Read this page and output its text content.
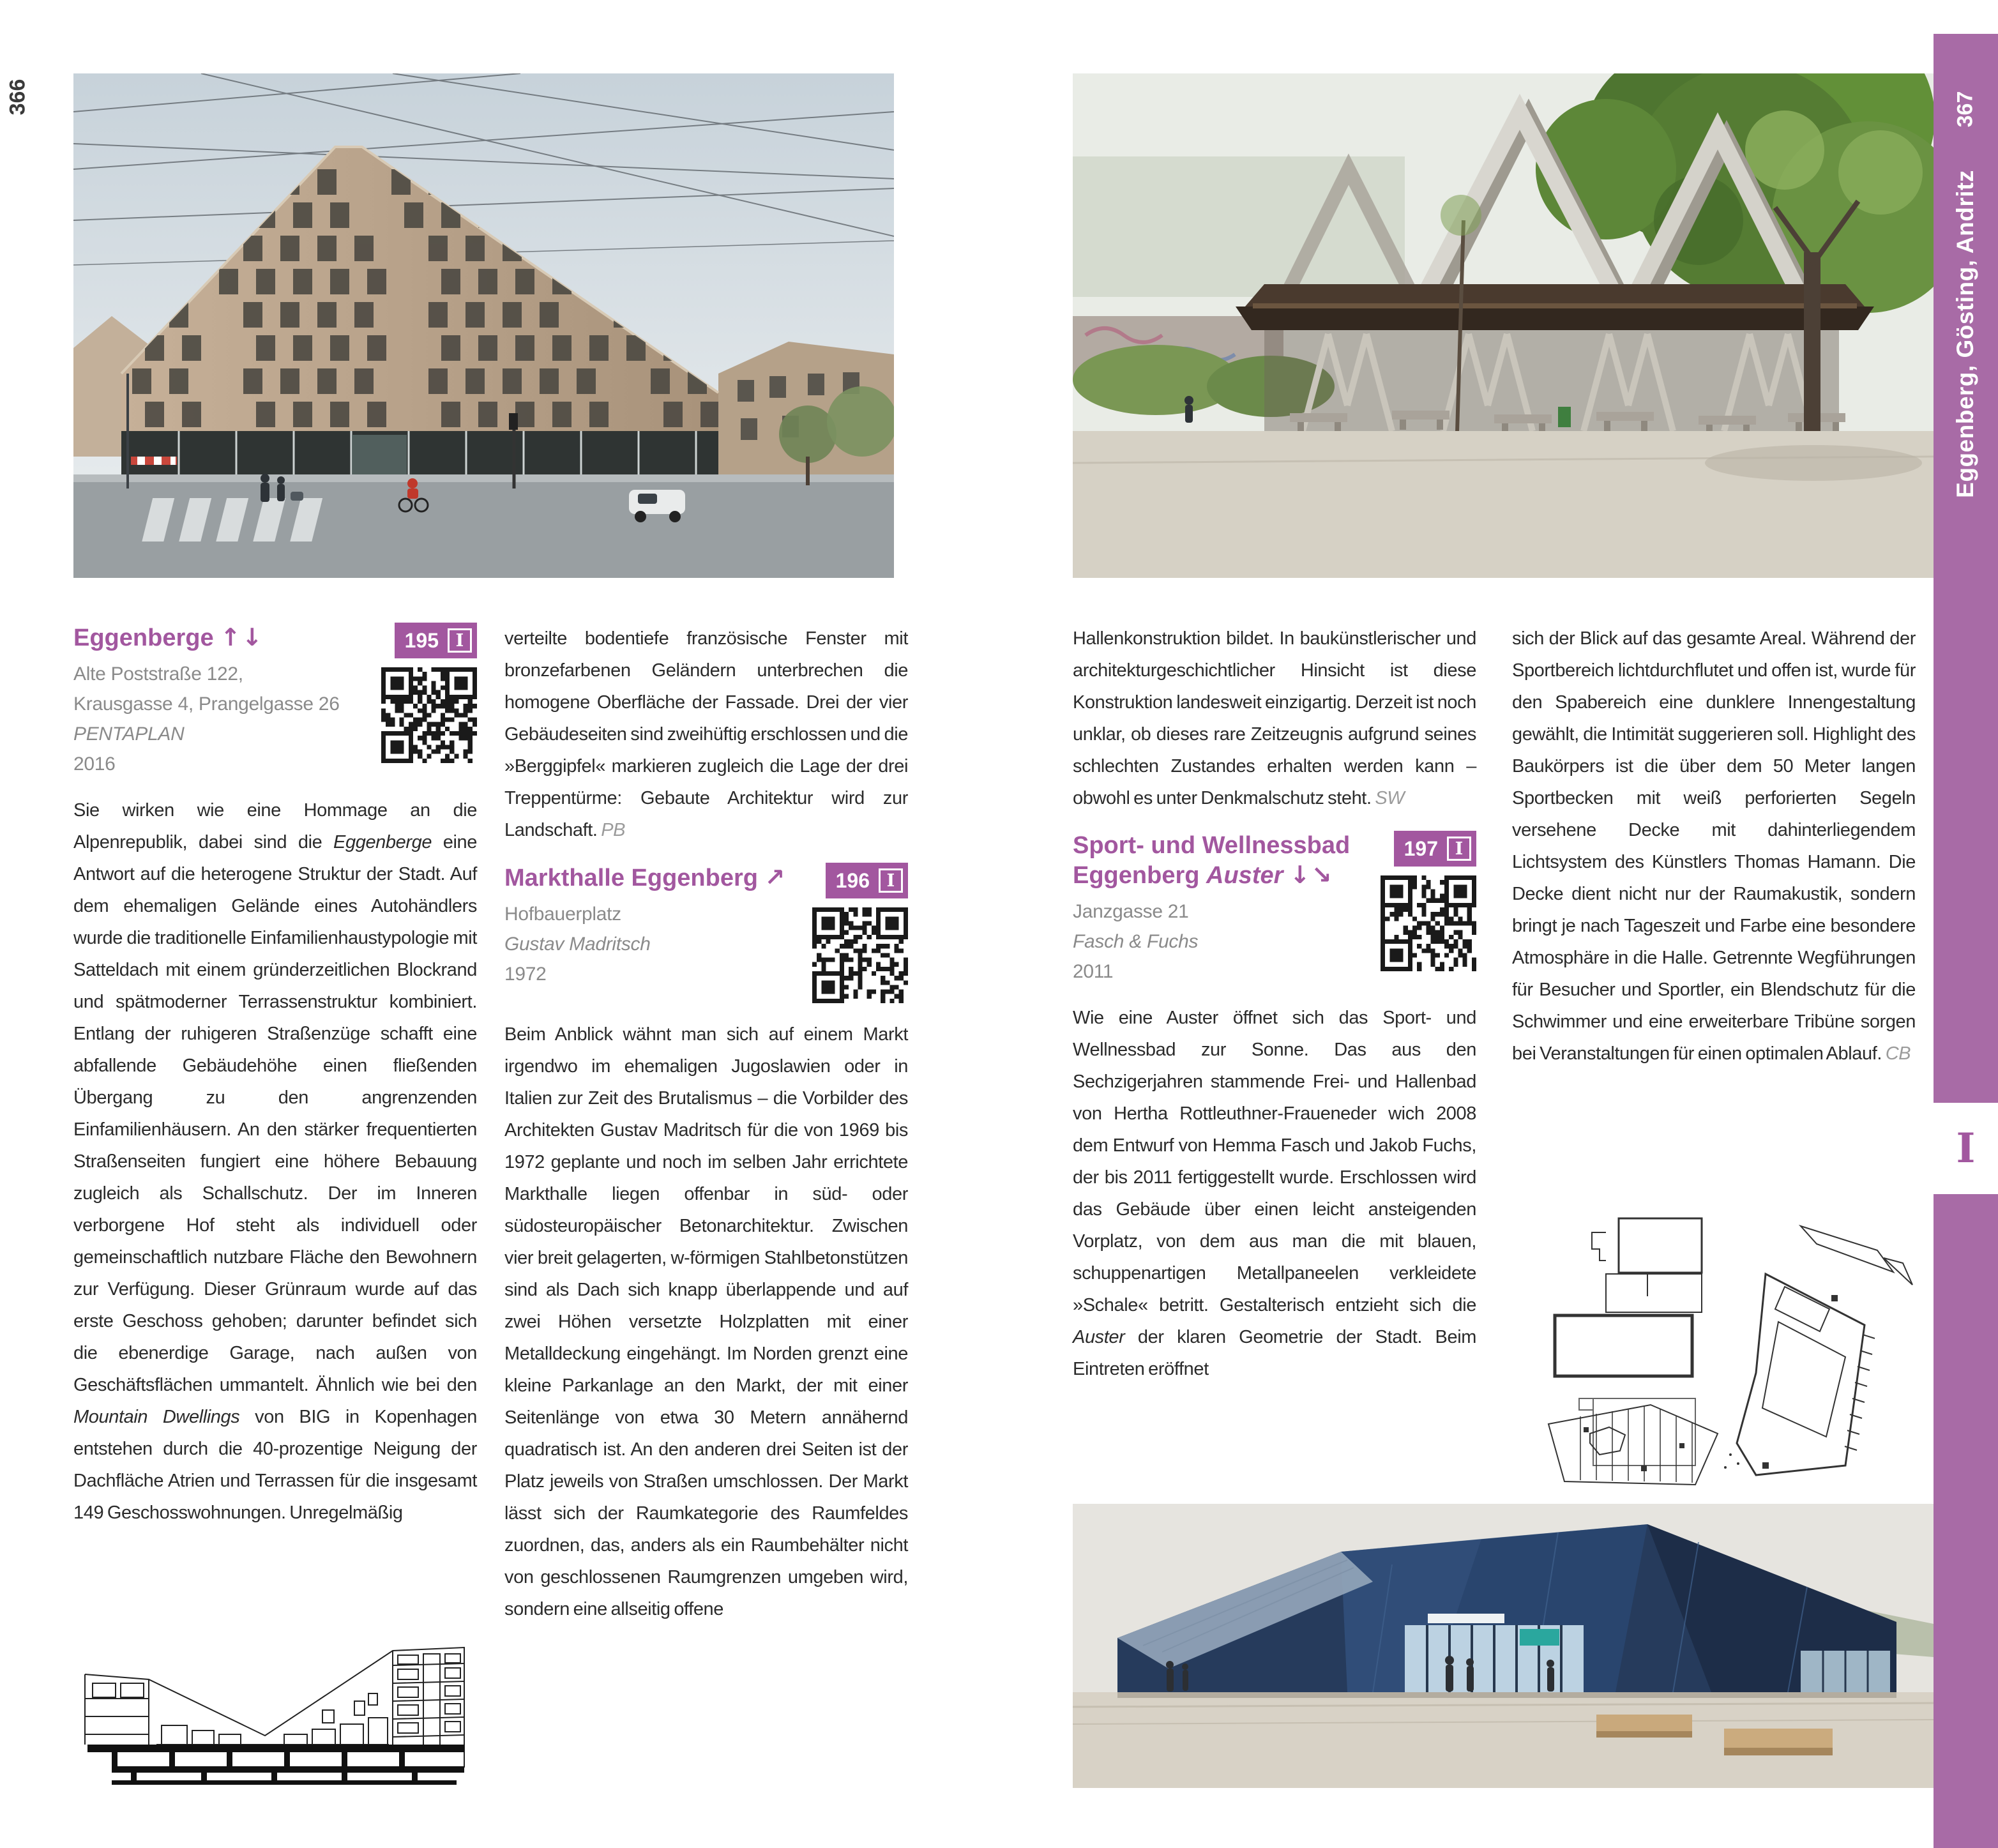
366
Eggenberge ↑↓
Alte Poststraße 122,
Krausgasse 4, Prangelgasse 26
PENTAPLAN
2016
195 I

Sie wirken wie eine Hommage an die Alpenrepublik, dabei sind die Eggenberge eine Antwort auf die heterogene Struktur der Stadt. Auf dem ehemaligen Gelände eines Autohändlers wurde die traditionelle Einfamilienhaustypologie mit Satteldach mit einem gründerzeitlichen Blockrand und spätmoderner Terrassenstruktur kombiniert. Entlang der ruhigeren Straßenzüge schafft eine abfallende Gebäudehöhe einen fließenden Übergang zu den angrenzenden Einfamilienhäusern. An den stärker frequentierten Straßenseiten fungiert eine höhere Bebauung zugleich als Schallschutz. Der im Inneren verborgene Hof steht als individuell oder gemeinschaftlich nutzbare Fläche den Bewohnern zur Verfügung. Dieser Grünraum wurde auf das erste Geschoss gehoben; darunter befindet sich die ebenerdige Garage, nach außen von Geschäftsflächen ummantelt. Ähnlich wie bei den Mountain Dwellings von BIG in Kopenhagen entstehen durch die 40-prozentige Neigung der Dachfläche Atrien und Terrassen für die insgesamt 149 Geschosswohnungen. Unregelmäßig

verteilte bodentiefe französische Fenster mit bronzefarbenen Geländern unterbrechen die homogene Oberfläche der Fassade. Drei der vier Gebäudeseiten sind zweihüftig erschlossen und die »Berggipfel« markieren zugleich die Lage der drei Treppentürme: Gebaute Architektur wird zur Landschaft. PB

Markthalle Eggenberg ↗
Hofbauerplatz
Gustav Madritsch
1972
196 I

Beim Anblick wähnt man sich auf einem Markt irgendwo im ehemaligen Jugoslawien oder in Italien zur Zeit des Brutalismus – die Vorbilder des Architekten Gustav Madritsch für die von 1969 bis 1972 geplante und noch im selben Jahr errichtete Markthalle liegen offenbar in süd- oder südosteuropäischer Betonarchitektur. Zwischen vier breit gelagerten, w-förmigen Stahlbetonstützen sind als Dach sich knapp überlappende und auf zwei Höhen versetzte Holzplatten mit einer Metalldeckung eingehängt. Im Norden grenzt eine kleine Parkanlage an den Markt, der mit einer Seitenlänge von etwa 30 Metern annähernd quadratisch ist. An den anderen drei Seiten ist der Platz jeweils von Straßen umschlossen. Der Markt lässt sich der Raumkategorie des Raumfeldes zuordnen, das, anders als ein Raumbehälter nicht von geschlossenen Raumgrenzen umgeben wird, sondern eine allseitig offene

Hallenkonstruktion bildet. In baukünstlerischer und architekturgeschichtlicher Hinsicht ist diese Konstruktion landesweit einzigartig. Derzeit ist noch unklar, ob dieses rare Zeitzeugnis aufgrund seines schlechten Zustandes erhalten werden kann – obwohl es unter Denkmalschutz steht. SW

Sport- und Wellnessbad Eggenberg Auster ↓↘
Janzgasse 21
Fasch & Fuchs
2011
197 I

Wie eine Auster öffnet sich das Sport- und Wellnessbad zur Sonne. Das aus den Sechzigerjahren stammende Frei- und Hallenbad von Hertha Rottleuthner-Fraueneder wich 2008 dem Entwurf von Hemma Fasch und Jakob Fuchs, der bis 2011 fertiggestellt wurde. Erschlossen wird das Gebäude über einen leicht ansteigenden Vorplatz, von dem aus man die mit blauen, schuppenartigen Metallpaneelen verkleidete »Schale« betritt. Gestalterisch entzieht sich die Auster der klaren Geometrie der Stadt. Beim Eintreten eröffnet

sich der Blick auf das gesamte Areal. Während der Sportbereich lichtdurchflutet und offen ist, wurde für den Spabereich eine dunklere Innengestaltung gewählt, die Intimität suggerieren soll. Highlight des Baukörpers ist die über dem 50 Meter langen Sportbecken mit weiß perforierten Segeln versehene Decke mit dahinterliegendem Lichtsystem des Künstlers Thomas Hamann. Die Decke dient nicht nur der Raumakustik, sondern bringt je nach Tageszeit und Farbe eine besondere Atmosphäre in die Halle. Getrennte Wegführungen für Besucher und Sportler, ein Blendschutz für die Schwimmer und eine erweiterbare Tribüne sorgen bei Veranstaltungen für einen optimalen Ablauf. CB

367
Eggenberg, Gösting, Andritz
I
